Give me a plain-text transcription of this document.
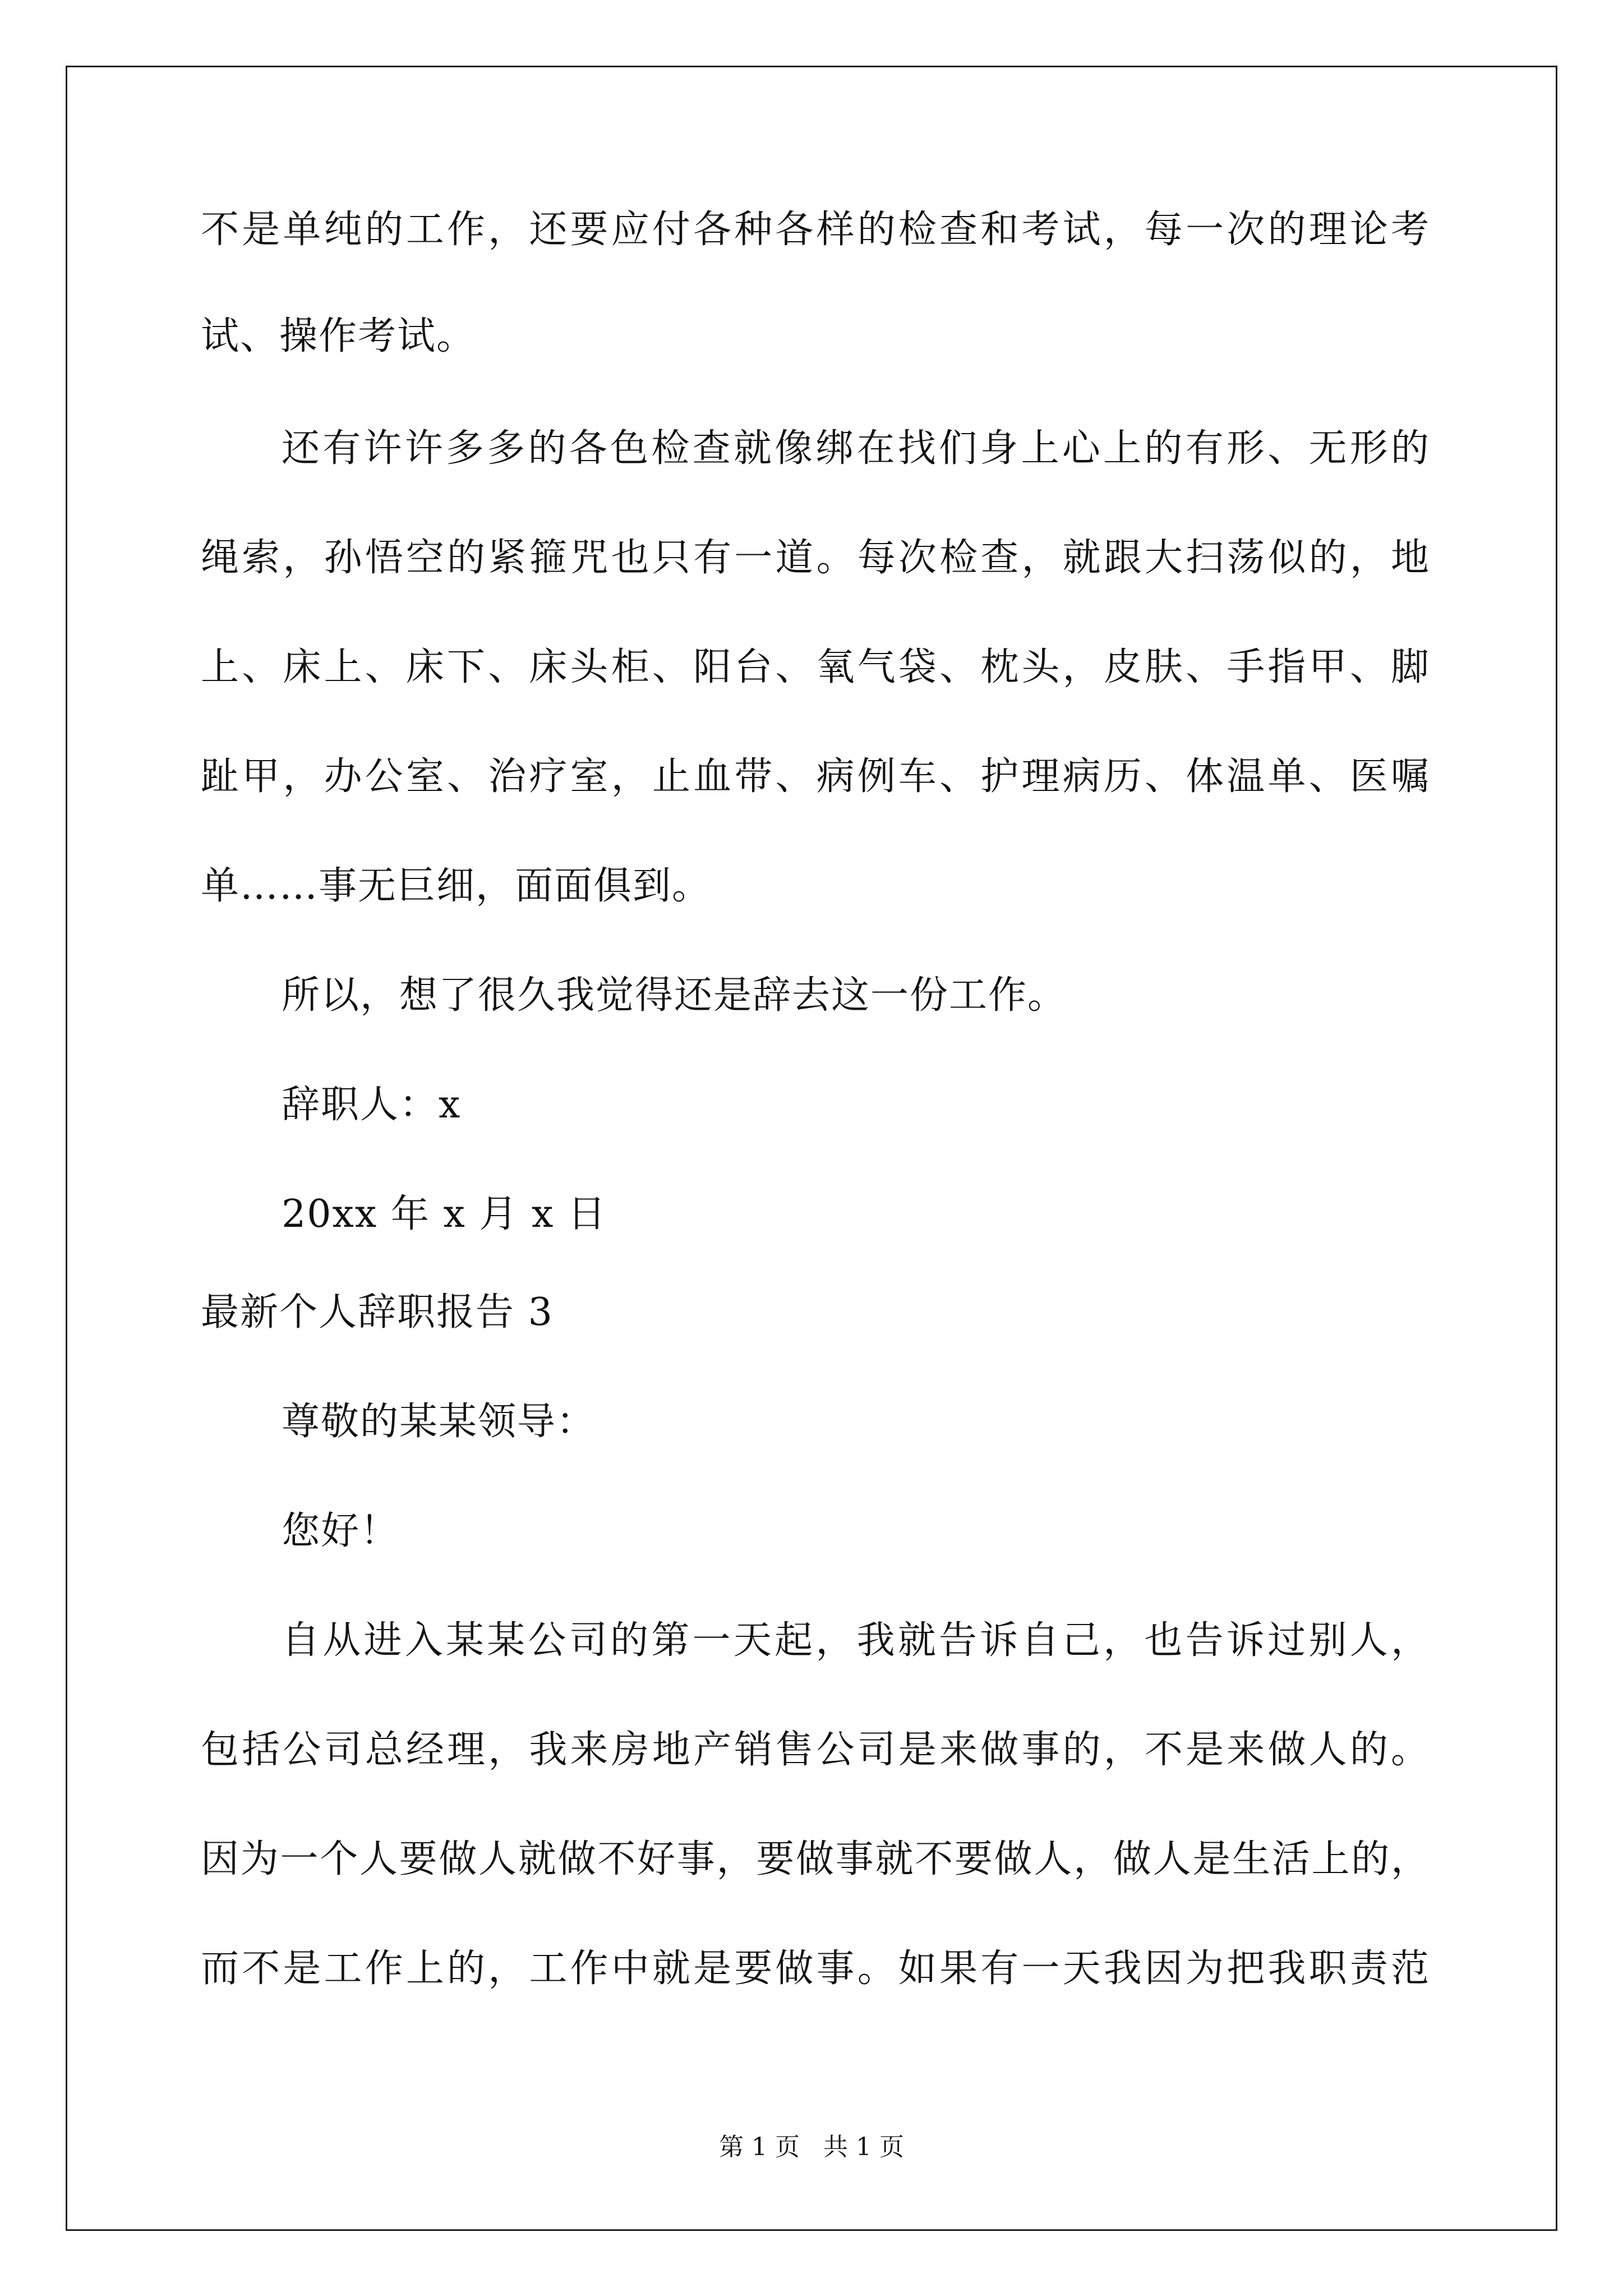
不是单纯的工作，还要应付各种各样的检查和考试，每一次的理论考
试、操作考试。
还有许许多多的各色检查就像绑在找们身上心上的有形、无形的
绳索，孙悟空的紧箍咒也只有一道。每次检查，就跟大扫荡似的，地
上、床上、床下、床头柜、阳台、氧气袋、枕头，皮肤、手指甲、脚
趾甲，办公室、治疗室，止血带、病例车、护理病历、体温单、医嘱
单……事无巨细，面面俱到。
所以，想了很久我觉得还是辞去这一份工作。
辞职人：x
20xx 年 x 月 x 日
最新个人辞职报告 3
尊敬的某某领导：
您好！
自从进入某某公司的第一天起，我就告诉自己，也告诉过别人，
包括公司总经理，我来房地产销售公司是来做事的，不是来做人的。
因为一个人要做人就做不好事，要做事就不要做人，做人是生活上的，
而不是工作上的，工作中就是要做事。如果有一天我因为把我职责范
第 1 页   共 1 页
